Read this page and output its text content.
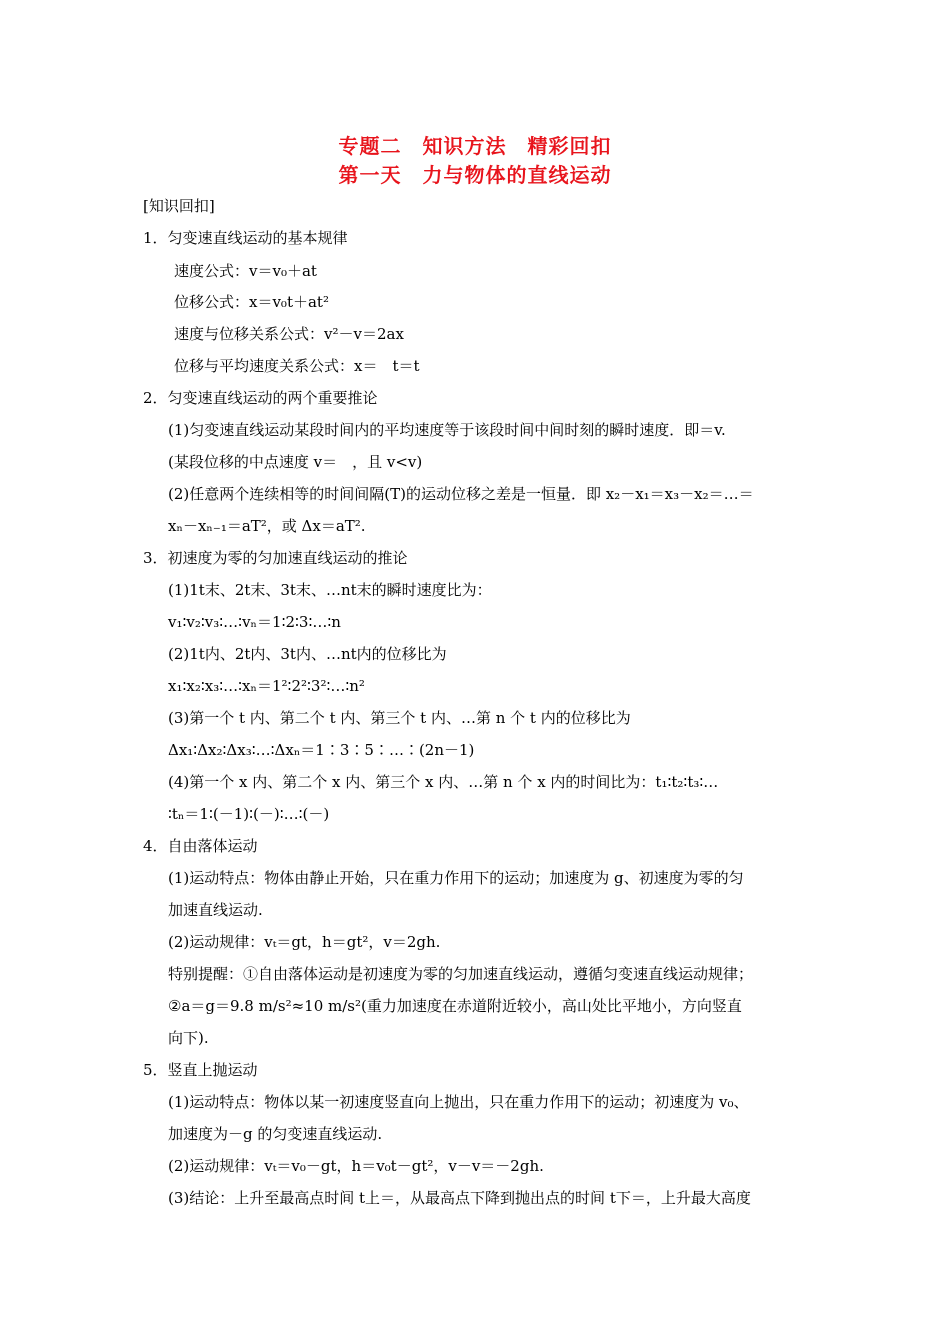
专题二　知识方法　精彩回扣
第一天　力与物体的直线运动
[知识回扣]
1．匀变速直线运动的基本规律
速度公式：v＝v₀＋at
位移公式：x＝v₀t＋at²
速度与位移关系公式：v²－v＝2ax
位移与平均速度关系公式：x＝　t＝t
2．匀变速直线运动的两个重要推论
(1)匀变速直线运动某段时间内的平均速度等于该段时间中间时刻的瞬时速度．即＝v.
(某段位移的中点速度 v＝　，且 v<v)
(2)任意两个连续相等的时间间隔(T)的运动位移之差是一恒量．即 x₂－x₁＝x₃－x₂＝…＝
xₙ－xₙ₋₁＝aT²，或 Δx＝aT².
3．初速度为零的匀加速直线运动的推论
(1)1t末、2t末、3t末、…nt末的瞬时速度比为：
v₁∶v₂∶v₃∶…∶vₙ＝1∶2∶3∶…∶n
(2)1t内、2t内、3t内、…nt内的位移比为
x₁∶x₂∶x₃∶…∶xₙ＝1²∶2²∶3²∶…∶n²
(3)第一个 t 内、第二个 t 内、第三个 t 内、…第 n 个 t 内的位移比为
Δx₁∶Δx₂∶Δx₃∶…∶Δxₙ＝1∶3∶5∶…∶(2n－1)
(4)第一个 x 内、第二个 x 内、第三个 x 内、…第 n 个 x 内的时间比为：t₁∶t₂∶t₃∶…
∶tₙ＝1∶(－1)∶(－)∶…∶(－)
4．自由落体运动
(1)运动特点：物体由静止开始，只在重力作用下的运动；加速度为 g、初速度为零的匀
加速直线运动.
(2)运动规律：vₜ＝gt，h＝gt²，v＝2gh.
特别提醒：①自由落体运动是初速度为零的匀加速直线运动，遵循匀变速直线运动规律；
②a＝g＝9.8 m/s²≈10 m/s²(重力加速度在赤道附近较小，高山处比平地小，方向竖直
向下).
5．竖直上抛运动
(1)运动特点：物体以某一初速度竖直向上抛出，只在重力作用下的运动；初速度为 v₀、
加速度为－g 的匀变速直线运动.
(2)运动规律：vₜ＝v₀－gt，h＝v₀t－gt²，v－v＝－2gh.
(3)结论：上升至最高点时间 t上＝，从最高点下降到抛出点的时间 t下＝，上升最大高度
